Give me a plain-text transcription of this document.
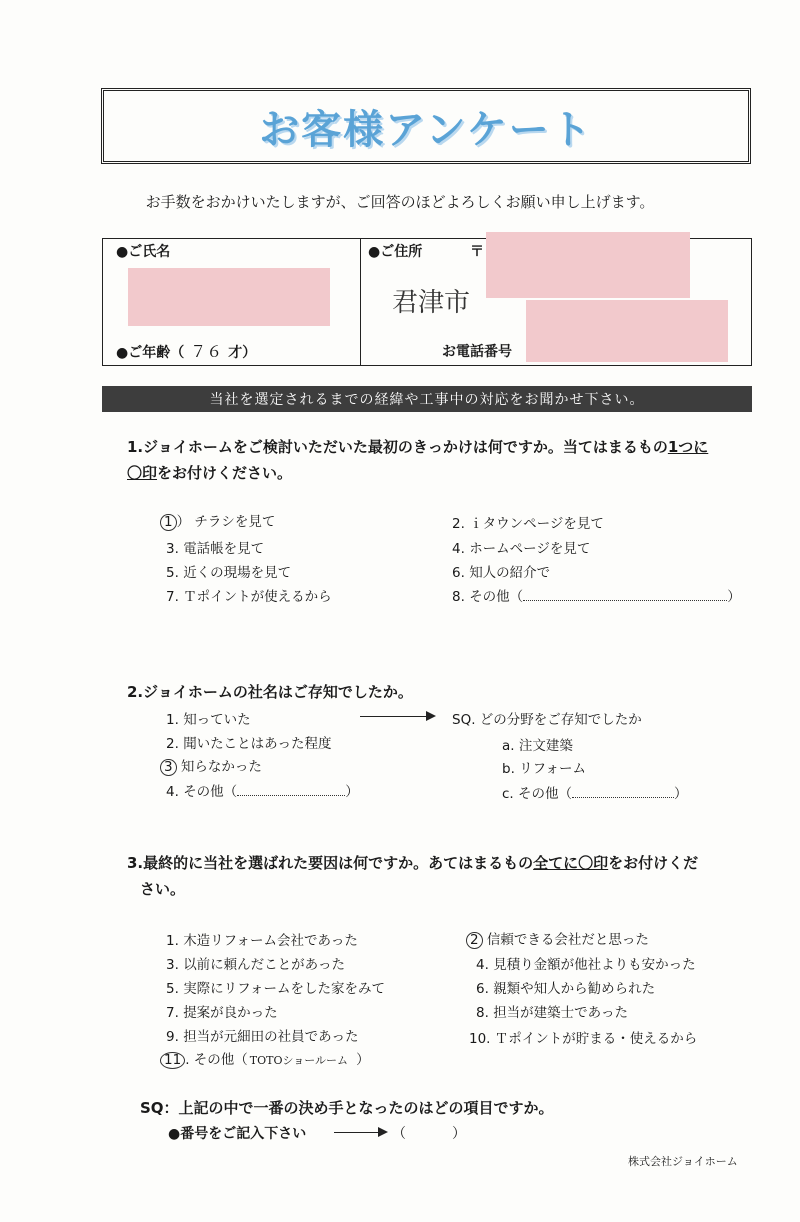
お客様アンケート
お手数をおかけいたしますが、ご回答のほどよろしくお願い申し上げます。
●ご氏名
●ご年齢（ ７６ 才）
●ご住所	〒
君津市
お電話番号
当社を選定されるまでの経緯や工事中の対応をお聞かせ下さい。
1.ジョイホームをご検討いただいた最初のきっかけは何ですか。当てはまるもの1つに
〇印をお付けください。
1 ） チラシを見て	2. ｉタウンページを見て
3. 電話帳を見て	4. ホームページを見て
5. 近くの現場を見て	6. 知人の紹介で
7. Ｔポイントが使えるから	8. その他（	）
2.ジョイホームの社名はご存知でしたか。
1. 知っていた
2. 聞いたことはあった程度
3 知らなかった
4. その他（	）
SQ. どの分野をご存知でしたか
a. 注文建築
b. リフォーム
c. その他（	）
3.最終的に当社を選ばれた要因は何ですか。あてはまるもの全てに〇印をお付けくだ
さい。
1. 木造リフォーム会社であった	2 信頼できる会社だと思った
3. 以前に頼んだことがあった	4. 見積り金額が他社よりも安かった
5. 実際にリフォームをした家をみて	6. 親類や知人から勧められた
7. 提案が良かった	8. 担当が建築士であった
9. 担当が元細田の社員であった	10. Ｔポイントが貯まる・使えるから
11 . その他（ TOTOショールーム ）
SQ：上記の中で一番の決め手となったのはどの項目ですか。
●番号をご記入下さい	（	）
株式会社ジョイホーム
